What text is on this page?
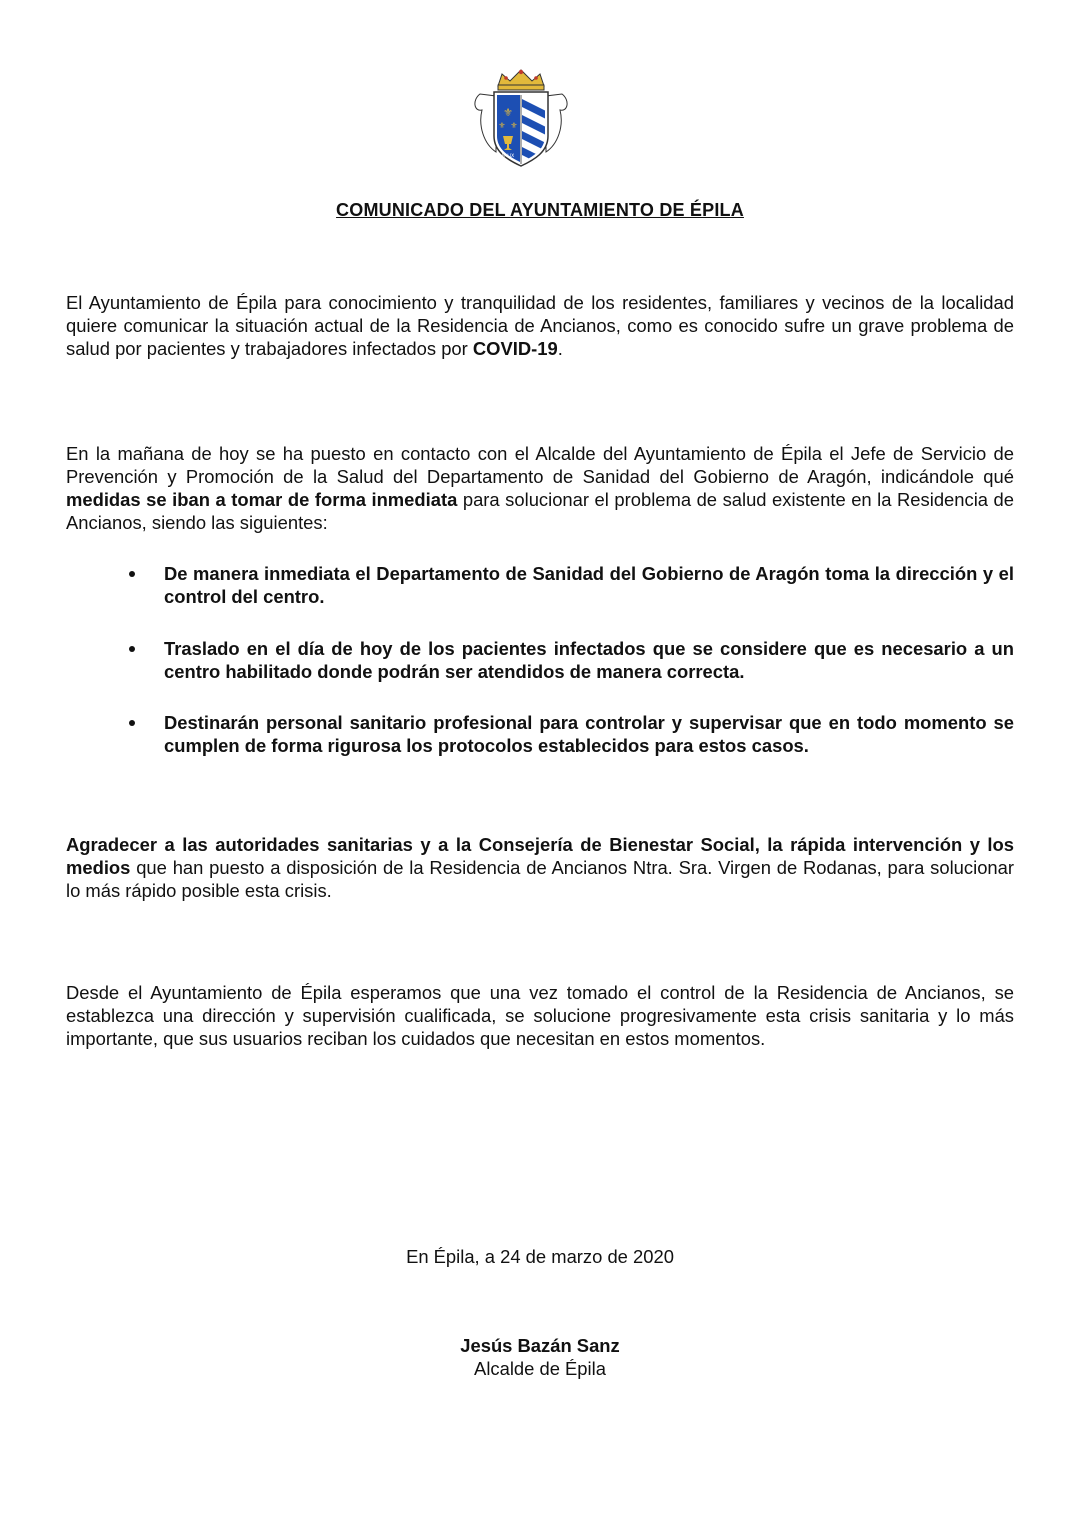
⚜
⚜ ⚜
PALIX
COMUNICADO DEL AYUNTAMIENTO DE ÉPILA

El Ayuntamiento de Épila para conocimiento y tranquilidad de los residentes, familiares y vecinos de la localidad quiere comunicar la situación actual de la Residencia de Ancianos, como es conocido sufre un grave problema de salud por pacientes y trabajadores infectados por COVID-19.

En la mañana de hoy se ha puesto en contacto con el Alcalde del Ayuntamiento de Épila el Jefe de Servicio de Prevención y Promoción de la Salud del Departamento de Sanidad del Gobierno de Aragón, indicándole qué medidas se iban a tomar de forma inmediata para solucionar el problema de salud existente en la Residencia de Ancianos, siendo las siguientes:

De manera inmediata el Departamento de Sanidad del Gobierno de Aragón toma la dirección y el control del centro.
Traslado en el día de hoy de los pacientes infectados que se considere que es necesario a un centro habilitado donde podrán ser atendidos de manera correcta.
Destinarán personal sanitario profesional para controlar y supervisar que en todo momento se cumplen de forma rigurosa los protocolos establecidos para estos casos.

Agradecer a las autoridades sanitarias y a la Consejería de Bienestar Social, la rápida intervención y los medios que han puesto a disposición de la Residencia de Ancianos Ntra. Sra. Virgen de Rodanas, para solucionar lo más rápido posible esta crisis.

Desde el Ayuntamiento de Épila esperamos que una vez tomado el control de la Residencia de Ancianos, se establezca una dirección y supervisión cualificada, se solucione progresivamente esta crisis sanitaria y lo más importante, que sus usuarios reciban los cuidados que necesitan en estos momentos.

En Épila, a 24 de marzo de 2020
Jesús Bazán Sanz
Alcalde de Épila
